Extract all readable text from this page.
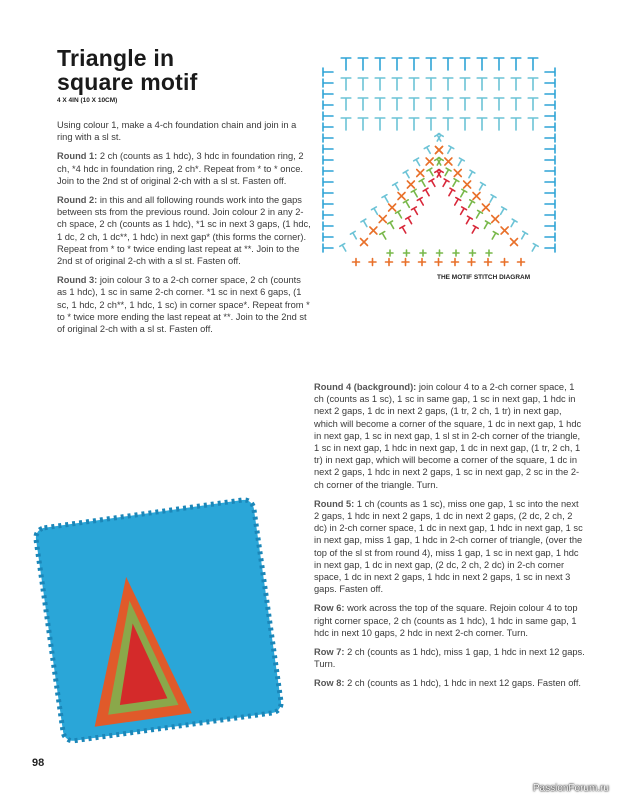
Triangle in
square motif
4 X 4IN (10 X 10CM)

Using colour 1, make a 4-ch foundation chain and join in a ring with a sl st.

Round 1: 2 ch (counts as 1 hdc), 3 hdc in foundation ring, 2 ch, *4 hdc in foundation ring, 2 ch*. Repeat from * to * once. Join to the 2nd st of original 2-ch with a sl st. Fasten off.

Round 2: in this and all following rounds work into the gaps between sts from the previous round. Join colour 2 in any 2-ch space, 2 ch (counts as 1 hdc), *1 sc in next 3 gaps, (1 hdc, 1 dc, 2 ch, 1 dc**, 1 hdc) in next gap* (this forms the corner). Repeat from * to * twice ending last repeat at **. Join to the 2nd st of original 2-ch with a sl st. Fasten off.

Round 3: join colour 3 to a 2-ch corner space, 2 ch (counts as 1 hdc), 1 sc in same 2-ch corner. *1 sc in next 6 gaps, (1 sc, 1 hdc, 2 ch**, 1 hdc, 1 sc) in corner space*. Repeat from * to * twice more ending the last repeat at **. Join to the 2nd st of original 2-ch with a sl st. Fasten off.

Round 4 (background): join colour 4 to a 2-ch corner space, 1 ch (counts as 1 sc), 1 sc in same gap, 1 sc in next gap, 1 hdc in next 2 gaps, 1 dc in next 2 gaps, (1 tr, 2 ch, 1 tr) in next gap, which will become a corner of the square, 1 dc in next gap, 1 hdc in next gap, 1 sc in next gap, 1 sl st in 2-ch corner of the triangle, 1 sc in next gap, 1 hdc in next gap, 1 dc in next gap, (1 tr, 2 ch, 1 tr) in next gap, which will become a corner of the square, 1 dc in next 2 gaps, 1 hdc in next 2 gaps, 1 sc in next gap, 2 sc in the 2-ch corner of the triangle. Turn.

Round 5: 1 ch (counts as 1 sc), miss one gap, 1 sc into the next 2 gaps, 1 hdc in next 2 gaps, 1 dc in next 2 gaps, (2 dc, 2 ch, 2 dc) in 2-ch corner space, 1 dc in next gap, 1 hdc in next gap, 1 sc in next gap, miss 1 gap, 1 hdc in 2-ch corner of triangle, (over the top of the sl st from round 4), miss 1 gap, 1 sc in next gap, 1 hdc in next gap, 1 dc in next gap, (2 dc, 2 ch, 2 dc) in 2-ch corner space, 1 dc in next 2 gaps, 1 hdc in next 2 gaps, 1 sc in next 3 gaps. Fasten off.

Row 6: work across the top of the square. Rejoin colour 4 to top right corner space, 2 ch (counts as 1 hdc), 1 hdc in same gap, 1 hdc in next 10 gaps, 2 hdc in next 2-ch corner. Turn.

Row 7: 2 ch (counts as 1 hdc), miss 1 gap, 1 hdc in next 12 gaps. Turn.

Row 8: 2 ch (counts as 1 hdc), 1 hdc in next 12 gaps. Fasten off.

THE MOTIF STITCH DIAGRAM
98
PassionForum.ru
